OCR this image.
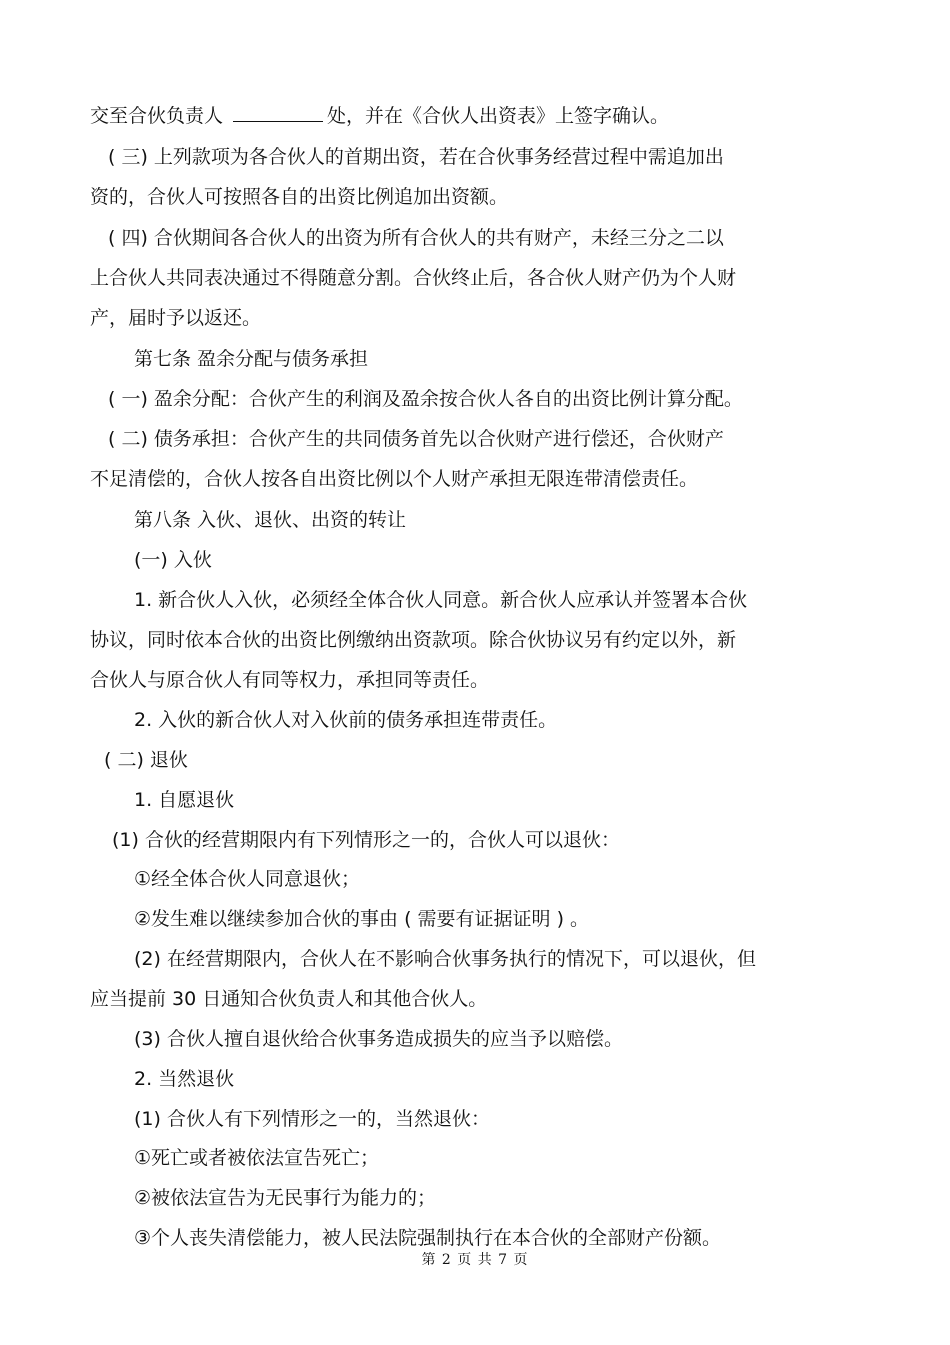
交至合伙负责人	处，并在《合伙人出资表》上签字确认。
( 三) 上列款项为各合伙人的首期出资，若在合伙事务经营过程中需追加出
资的，合伙人可按照各自的出资比例追加出资额。
( 四) 合伙期间各合伙人的出资为所有合伙人的共有财产，未经三分之二以
上合伙人共同表决通过不得随意分割。合伙终止后，各合伙人财产仍为个人财
产，届时予以返还。
第七条 盈余分配与债务承担
( 一) 盈余分配：合伙产生的利润及盈余按合伙人各自的出资比例计算分配。
( 二) 债务承担：合伙产生的共同债务首先以合伙财产进行偿还，合伙财产
不足清偿的，合伙人按各自出资比例以个人财产承担无限连带清偿责任。
第八条 入伙、退伙、出资的转让
(一) 入伙
1. 新合伙人入伙，必须经全体合伙人同意。新合伙人应承认并签署本合伙
协议，同时依本合伙的出资比例缴纳出资款项。除合伙协议另有约定以外，新
合伙人与原合伙人有同等权力，承担同等责任。
2. 入伙的新合伙人对入伙前的债务承担连带责任。
( 二) 退伙
1. 自愿退伙
(1) 合伙的经营期限内有下列情形之一的，合伙人可以退伙：
①经全体合伙人同意退伙；
②发生难以继续参加合伙的事由 ( 需要有证据证明 ) 。
(2) 在经营期限内，合伙人在不影响合伙事务执行的情况下，可以退伙，但
应当提前 30 日通知合伙负责人和其他合伙人。
(3) 合伙人擅自退伙给合伙事务造成损失的应当予以赔偿。
2. 当然退伙
(1) 合伙人有下列情形之一的，当然退伙：
①死亡或者被依法宣告死亡；
②被依法宣告为无民事行为能力的；
③个人丧失清偿能力，被人民法院强制执行在本合伙的全部财产份额。
第 2 页 共 7 页
